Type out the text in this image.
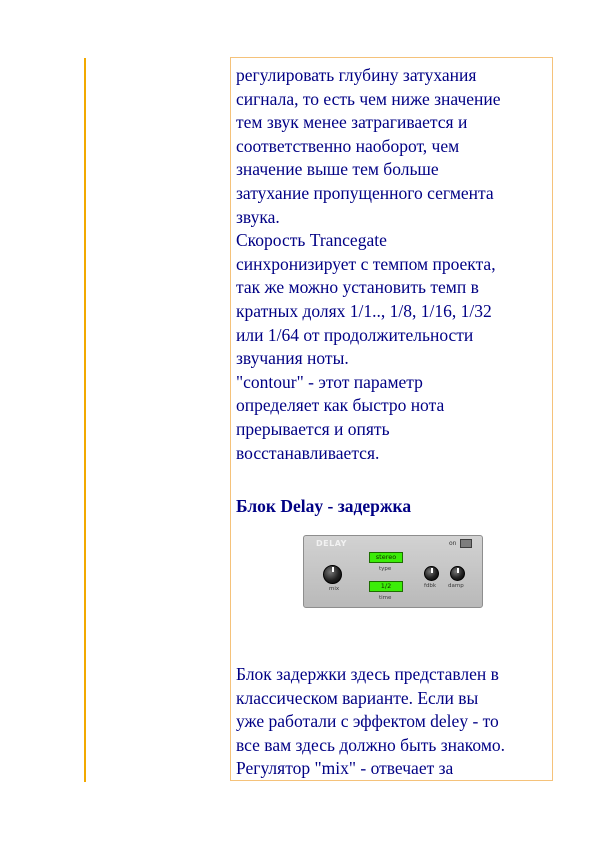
регулировать глубину затухания
сигнала, то есть чем ниже значение
тем звук менее затрагивается и
соответственно наоборот, чем
значение выше тем больше
затухание пропущенного сегмента
звука.
Скорость Trancegate
синхронизирует с темпом проекта,
так же можно установить темп в
кратных долях 1/1.., 1/8, 1/16, 1/32
или 1/64 от продолжительности
звучания ноты.
"contour" - этот параметр
определяет как быстро нота
прерывается и опять
восстанавливается.
Блок Delay - задержка
DELAY	on
stereo
type
1/2
time
mix	fdbk damp
Блок задержки здесь представлен в
классическом варианте. Если вы
уже работали с эффектом deley - то
все вам здесь должно быть знакомо.
Регулятор "mix" - отвечает за
